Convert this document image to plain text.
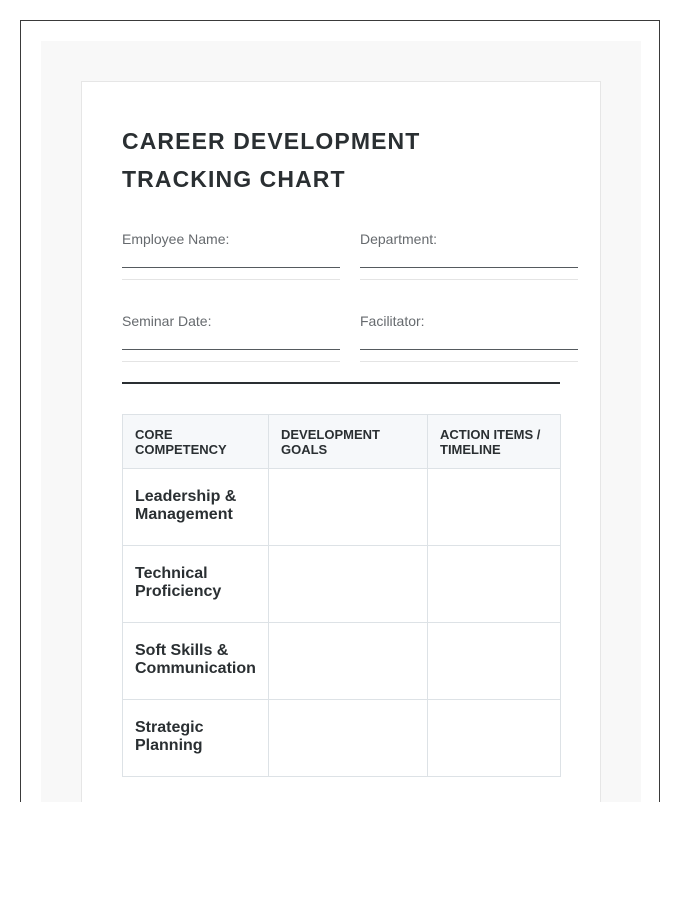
CAREER DEVELOPMENT TRACKING CHART
Employee Name:	Department:
Seminar Date:	Facilitator:
CORE COMPETENCY	DEVELOPMENT GOALS	ACTION ITEMS / TIMELINE
Leadership & Management		
Technical Proficiency		
Soft Skills & Communication		
Strategic Planning		
